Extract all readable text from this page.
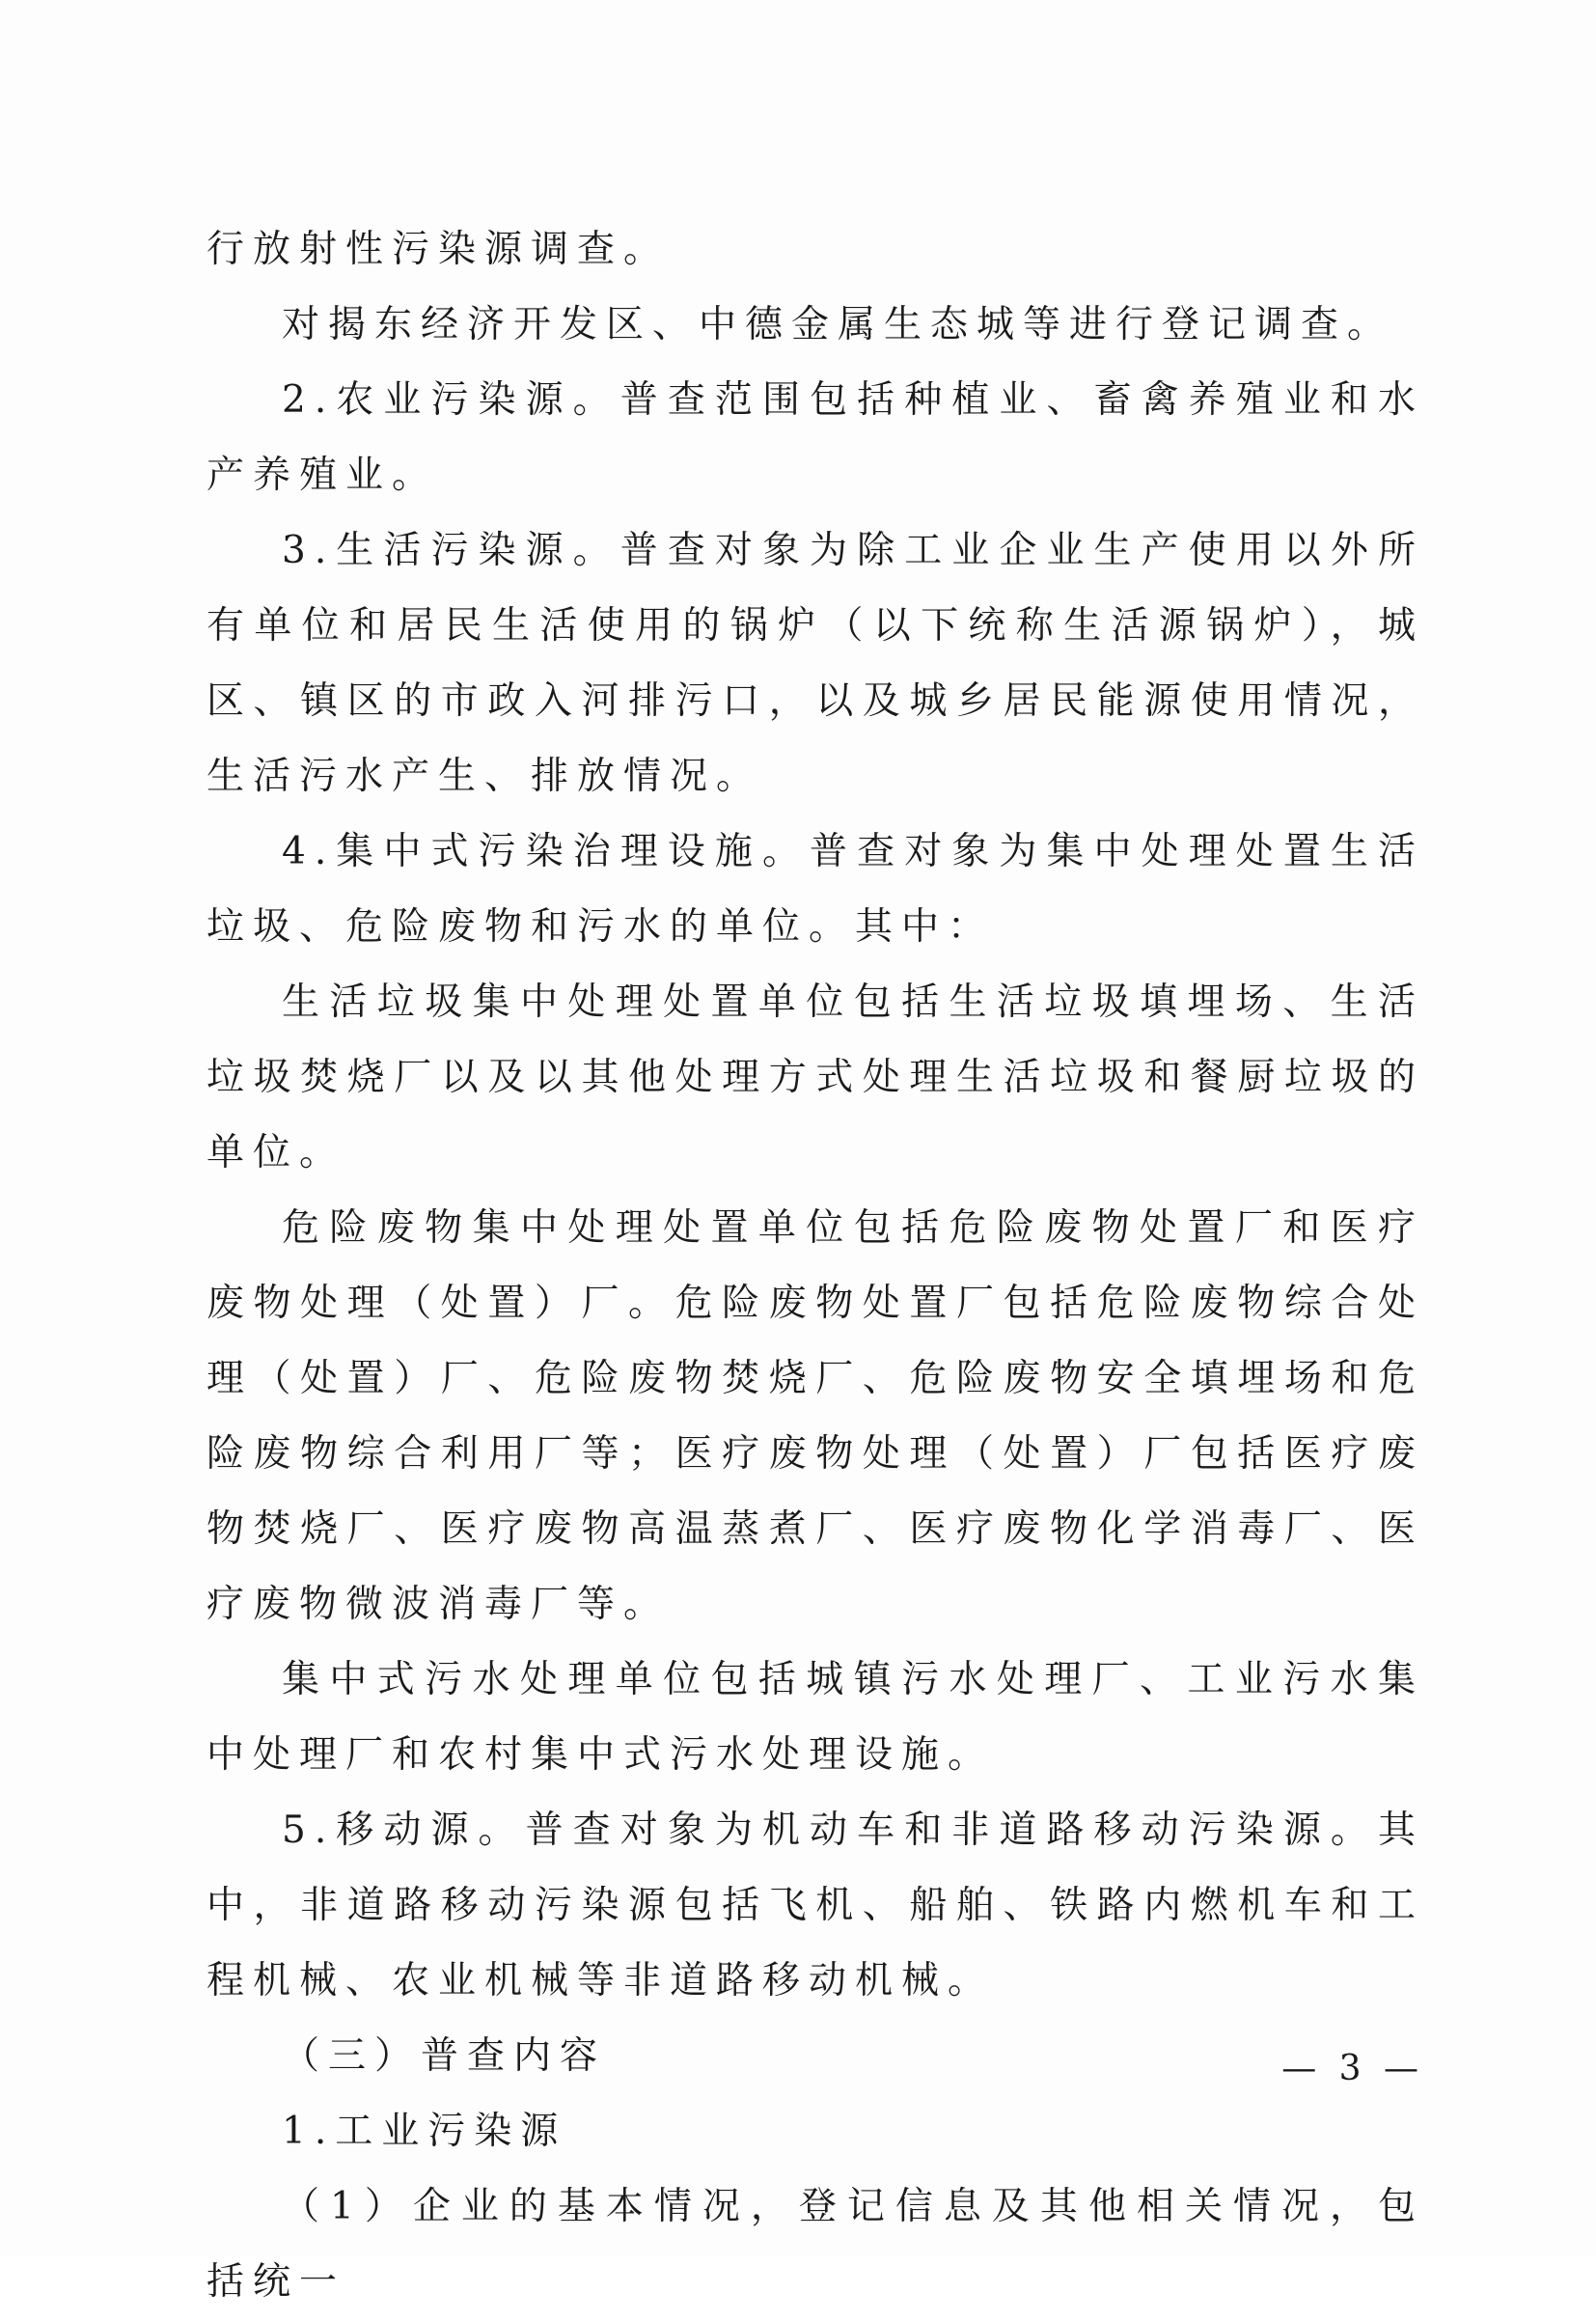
行放射性污染源调查。

对揭东经济开发区、中德金属生态城等进行登记调查。

2.农业污染源。普查范围包括种植业、畜禽养殖业和水产养殖业。

3.生活污染源。普查对象为除工业企业生产使用以外所有单位和居民生活使用的锅炉（以下统称生活源锅炉），城区、镇区的市政入河排污口，以及城乡居民能源使用情况，生活污水产生、排放情况。

4.集中式污染治理设施。普查对象为集中处理处置生活垃圾、危险废物和污水的单位。其中：

生活垃圾集中处理处置单位包括生活垃圾填埋场、生活垃圾焚烧厂以及以其他处理方式处理生活垃圾和餐厨垃圾的单位。

危险废物集中处理处置单位包括危险废物处置厂和医疗废物处理（处置）厂。危险废物处置厂包括危险废物综合处理（处置）厂、危险废物焚烧厂、危险废物安全填埋场和危险废物综合利用厂等；医疗废物处理（处置）厂包括医疗废物焚烧厂、医疗废物高温蒸煮厂、医疗废物化学消毒厂、医疗废物微波消毒厂等。

集中式污水处理单位包括城镇污水处理厂、工业污水集中处理厂和农村集中式污水处理设施。

5.移动源。普查对象为机动车和非道路移动污染源。其中，非道路移动污染源包括飞机、船舶、铁路内燃机车和工程机械、农业机械等非道路移动机械。

（三）普查内容

1.工业污染源

（1）企业的基本情况，登记信息及其他相关情况，包括统一

— 3 —
